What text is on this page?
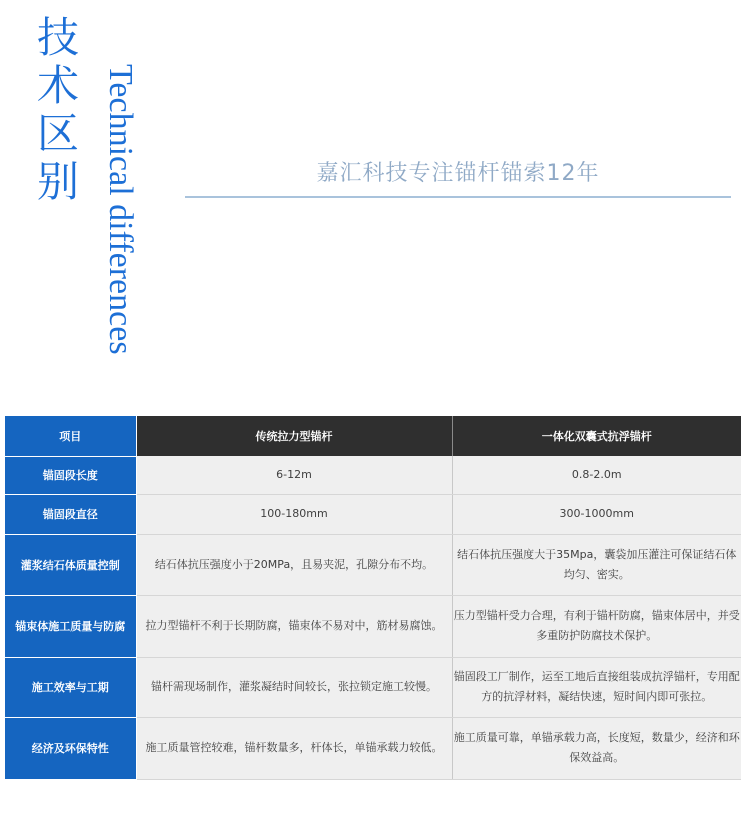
技术区别 Technical differences	嘉汇科技专注锚杆锚索12年
项目	传统拉力型锚杆	一体化双囊式抗浮锚杆
锚固段长度	6-12m	0.8-2.0m
锚固段直径	100-180mm	300-1000mm
灌浆结石体质量控制	结石体抗压强度小于20MPa，且易夹泥，孔隙分布不均。	结石体抗压强度大于35Mpa，囊袋加压灌注可保证结石体均匀、密实。
锚束体施工质量与防腐	拉力型锚杆不利于长期防腐，锚束体不易对中，筋材易腐蚀。	压力型锚杆受力合理，有利于锚杆防腐，锚束体居中，并受多重防护防腐技术保护。
施工效率与工期	锚杆需现场制作，灌浆凝结时间较长，张拉锁定施工较慢。	锚固段工厂制作，运至工地后直接组装成抗浮锚杆，专用配方的抗浮材料，凝结快速，短时间内即可张拉。
经济及环保特性	施工质量管控较难，锚杆数量多，杆体长，单锚承载力较低。	施工质量可靠，单锚承载力高，长度短，数量少，经济和环保效益高。
